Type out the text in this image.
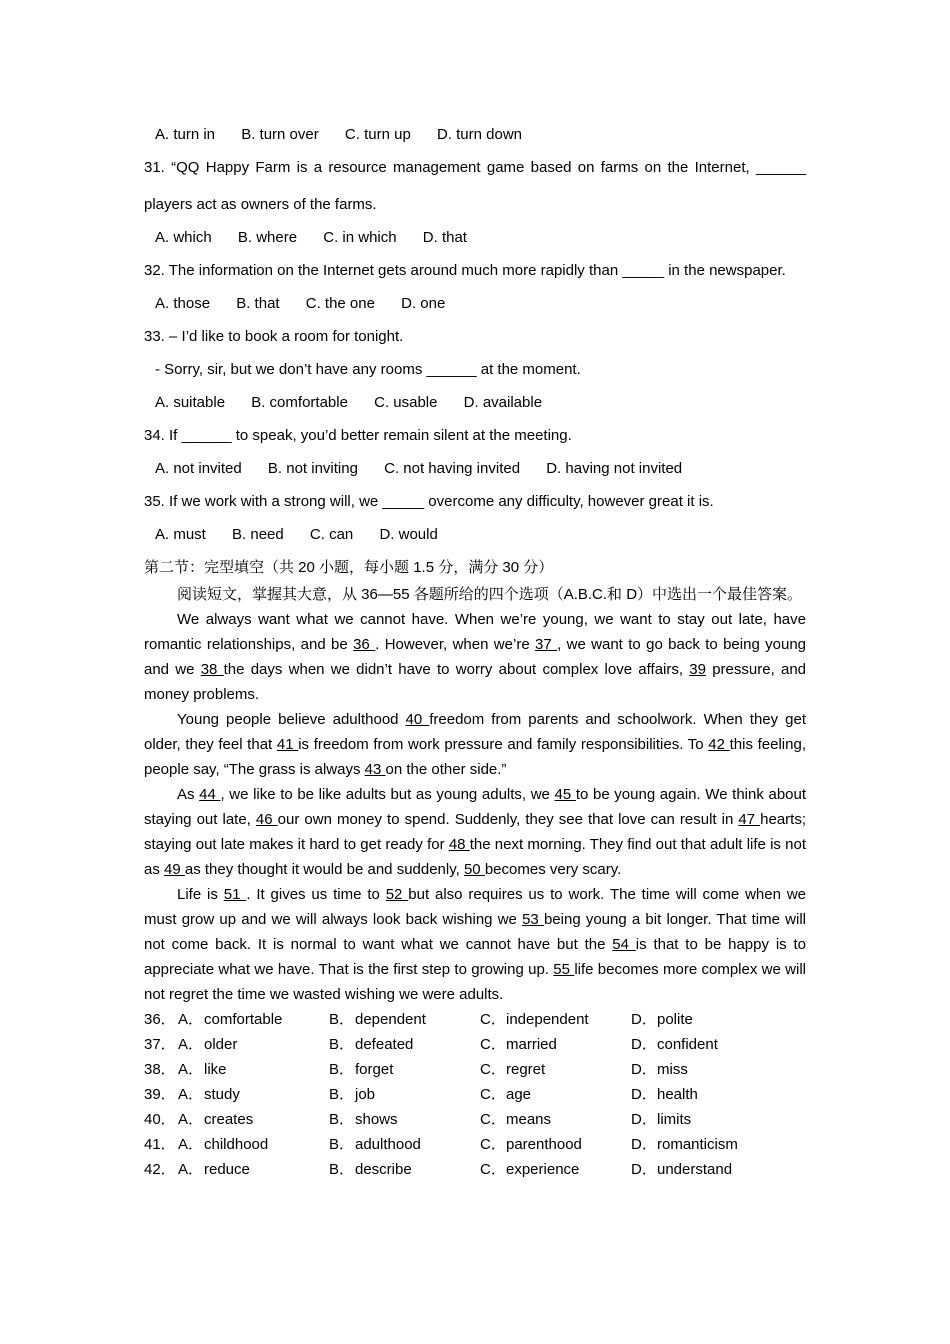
A. turn in B. turn over C. turn up D. turn down
31. “QQ Happy Farm is a resource management game based on farms on the Internet, ______
players act as owners of the farms.
A. which B. where C. in which D. that
32. The information on the Internet gets around much more rapidly than _____ in the newspaper.
A. those B. that C. the one D. one
33. – I’d like to book a room for tonight.
- Sorry, sir, but we don’t have any rooms ______ at the moment.
A. suitable B. comfortable C. usable D. available
34. If ______ to speak, you’d better remain silent at the meeting.
A. not invited B. not inviting C. not having invited D. having not invited
35. If we work with a strong will, we _____ overcome any difficulty, however great it is.
A. must B. need C. can D. would
第二节：完型填空（共 20 小题，每小题 1.5 分，满分 30 分）
阅读短文，掌握其大意，从 36—55 各题所给的四个选项（A.B.C.和 D）中选出一个最佳答案。
We always want what we cannot have. When we’re young, we want to stay out late, have romantic relationships, and be 36 . However, when we’re 37 , we want to go back to being young and we 38 the days when we didn’t have to worry about complex love affairs, 39 pressure, and money problems.
Young people believe adulthood 40 freedom from parents and schoolwork. When they get older, they feel that 41 is freedom from work pressure and family responsibilities. To 42 this feeling, people say, “The grass is always 43 on the other side.”
As 44 , we like to be like adults but as young adults, we 45 to be young again. We think about staying out late, 46 our own money to spend. Suddenly, they see that love can result in 47 hearts; staying out late makes it hard to get ready for 48 the next morning. They find out that adult life is not as 49 as they thought it would be and suddenly, 50 becomes very scary.
Life is 51 . It gives us time to 52 but also requires us to work. The time will come when we must grow up and we will always look back wishing we 53 being young a bit longer. That time will not come back. It is normal to want what we cannot have but the 54 is that to be happy is to appreciate what we have. That is the first step to growing up. 55 life becomes more complex we will not regret the time we wasted wishing we were adults.
36．	A．	comfortable	B．	dependent	C．	independent	D．	polite
37．	A．	older	B．	defeated	C．	married	D．	confident
38．	A．	like	B．	forget	C．	regret	D．	miss
39．	A．	study	B．	job	C．	age	D．	health
40．	A．	creates	B．	shows	C．	means	D．	limits
41．	A．	childhood	B．	adulthood	C．	parenthood	D．	romanticism
42．	A．	reduce	B．	describe	C．	experience	D．	understand
